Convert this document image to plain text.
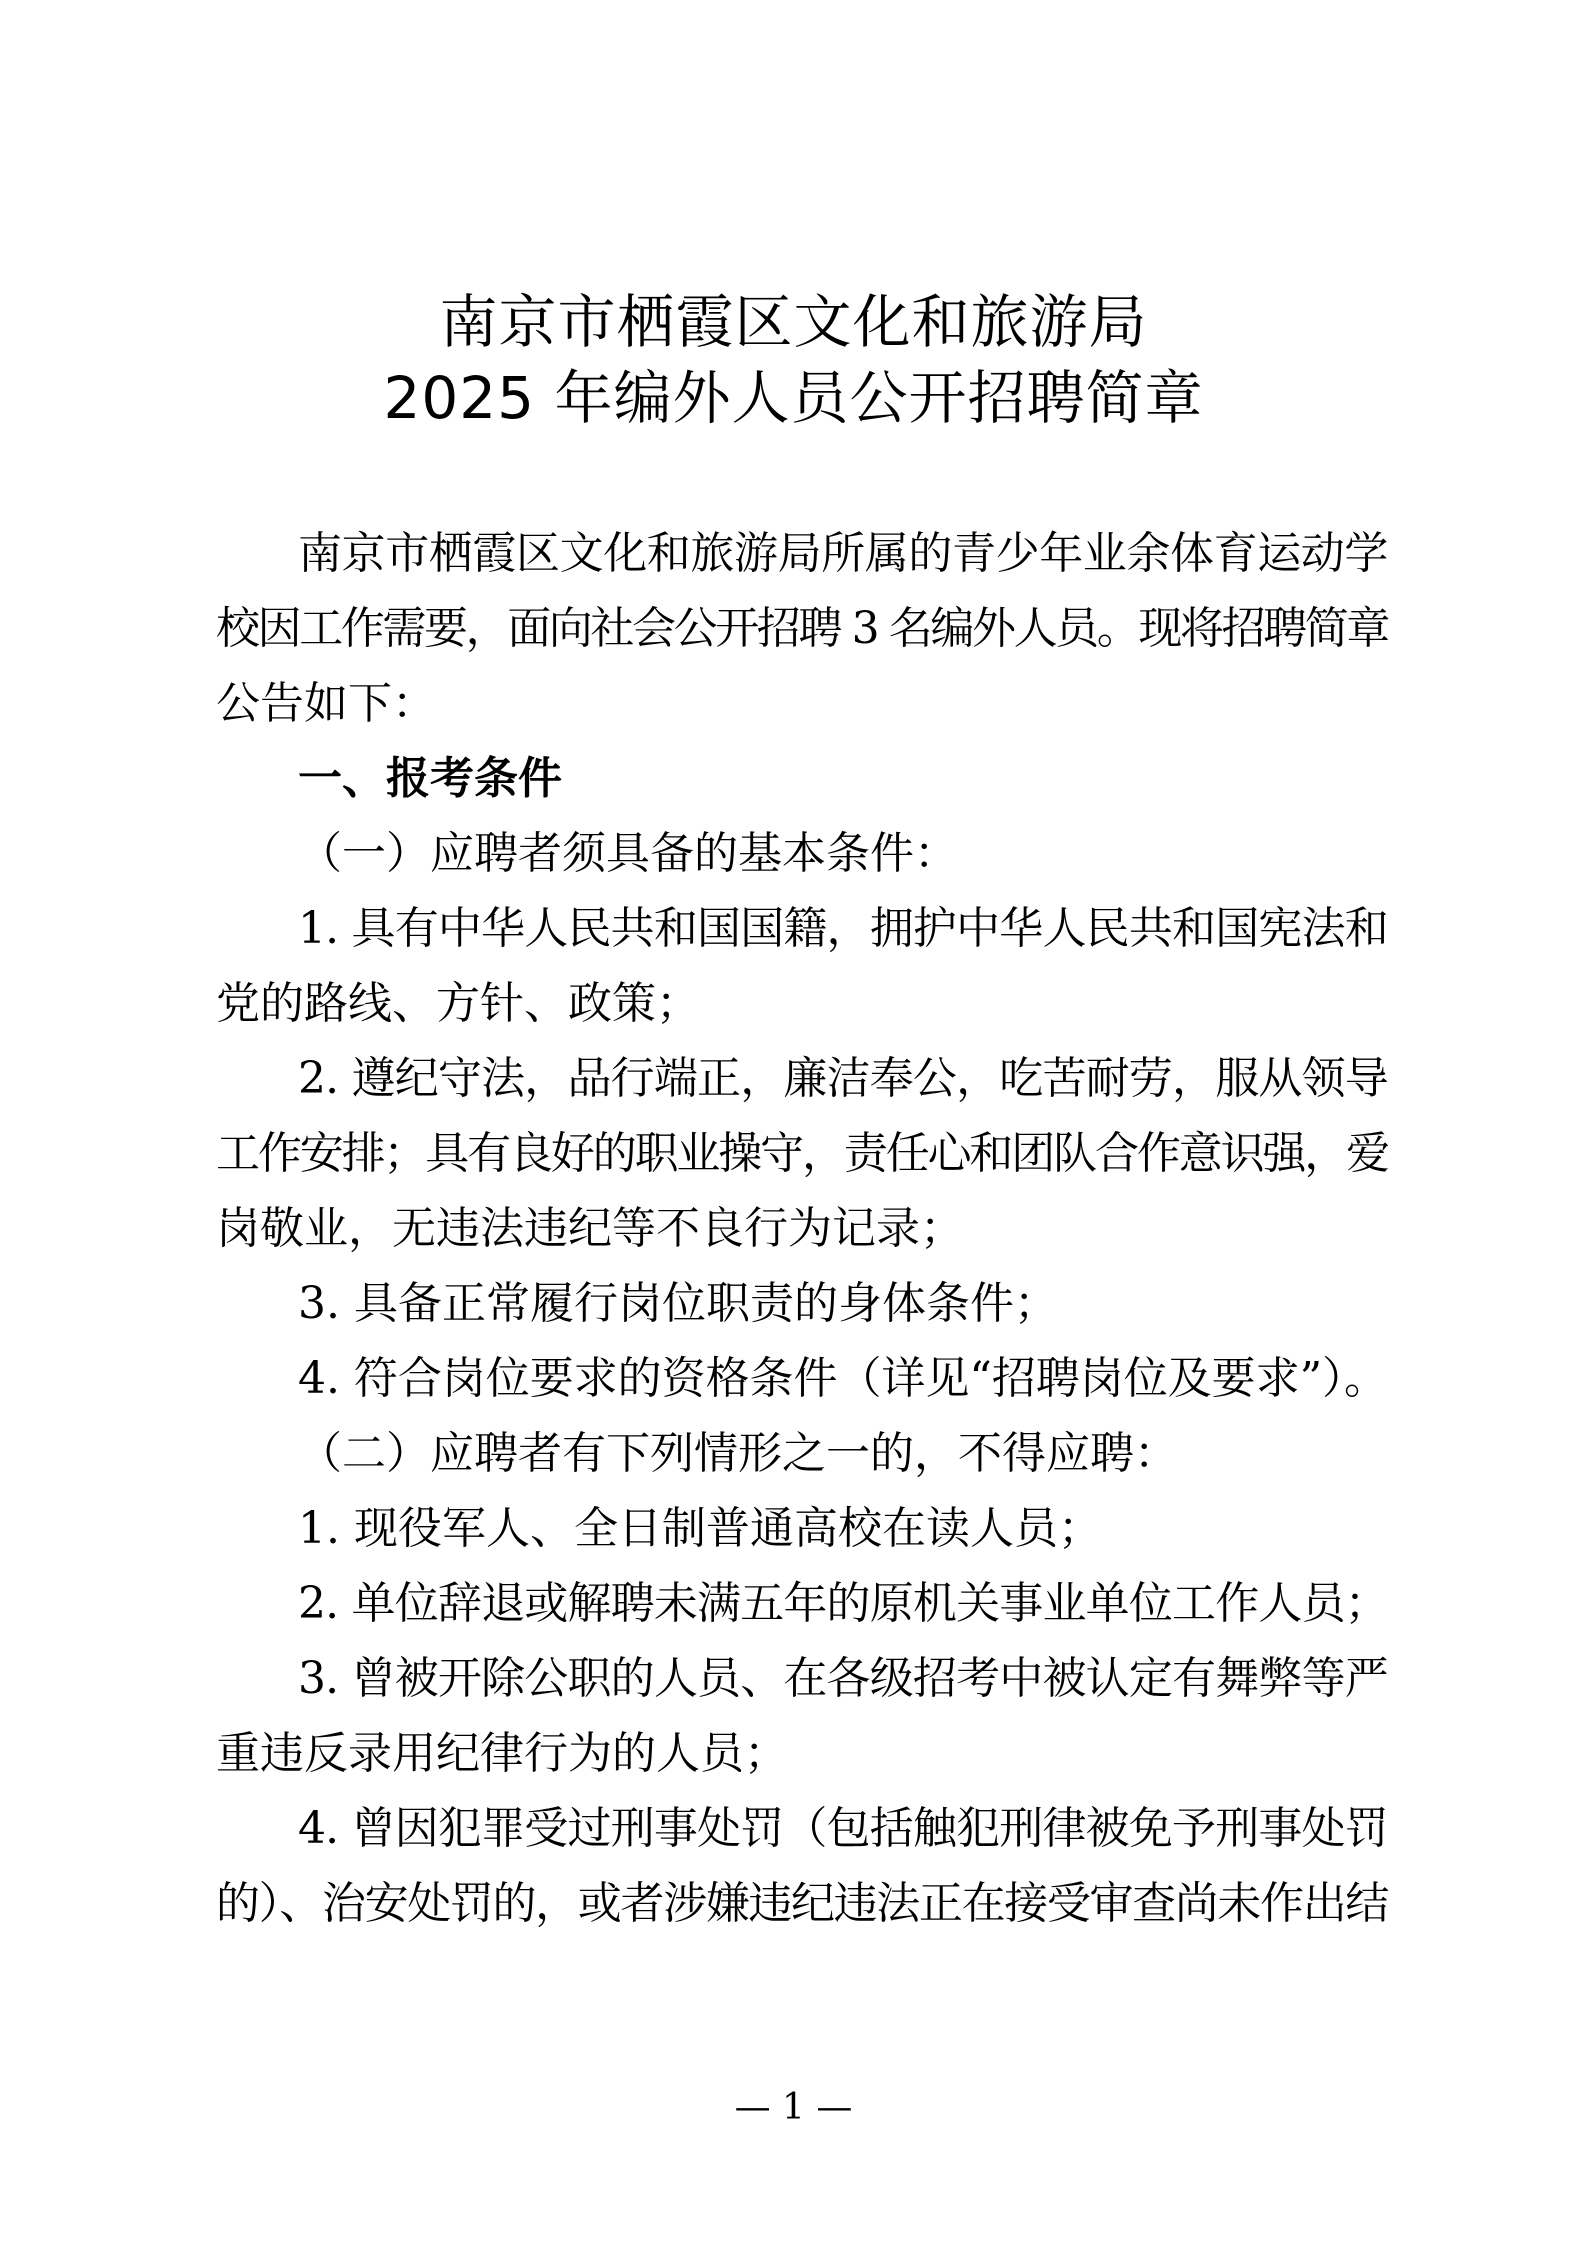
南京市栖霞区文化和旅游局
2025 年编外人员公开招聘简章
南京市栖霞区文化和旅游局所属的青少年业余体育运动学
校因工作需要，面向社会公开招聘 3 名编外人员。现将招聘简章
公告如下：
一、报考条件
（一）应聘者须具备的基本条件：
1. 具有中华人民共和国国籍，拥护中华人民共和国宪法和
党的路线、方针、政策；
2. 遵纪守法，品行端正，廉洁奉公，吃苦耐劳，服从领导
工作安排；具有良好的职业操守，责任心和团队合作意识强，爱
岗敬业，无违法违纪等不良行为记录；
3. 具备正常履行岗位职责的身体条件；
4. 符合岗位要求的资格条件（详见“招聘岗位及要求”）。
（二）应聘者有下列情形之一的，不得应聘：
1. 现役军人、全日制普通高校在读人员；
2. 单位辞退或解聘未满五年的原机关事业单位工作人员；
3. 曾被开除公职的人员、在各级招考中被认定有舞弊等严
重违反录用纪律行为的人员；
4. 曾因犯罪受过刑事处罚（包括触犯刑律被免予刑事处罚
的）、治安处罚的，或者涉嫌违纪违法正在接受审查尚未作出结
— 1 —
